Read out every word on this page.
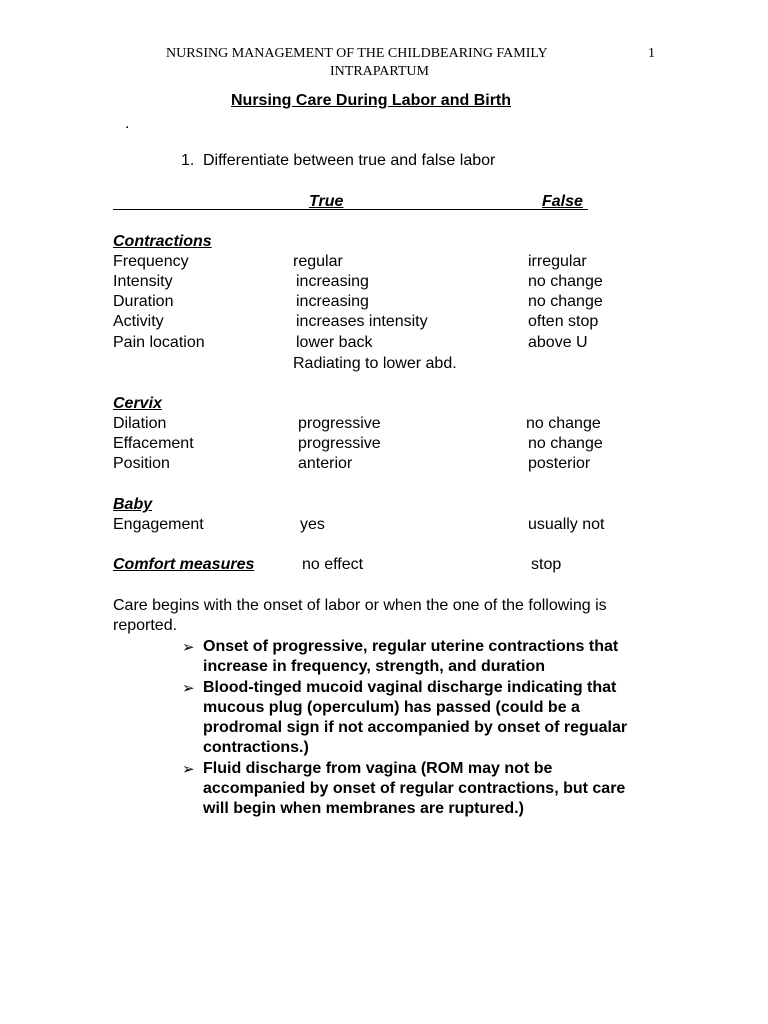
NURSING MANAGEMENT OF THE CHILDBEARING FAMILY	1
INTRAPARTUM
Nursing Care During Labor and Birth
.
1. Differentiate between true and false labor
True	False
Contractions
Frequency	regular	irregular
Intensity	increasing	no change
Duration	increasing	no change
Activity	increases intensity	often stop
Pain location	lower back	above U
Radiating to lower abd.
Cervix
Dilation	progressive	no change
Effacement	progressive	no change
Position	anterior	posterior
Baby
Engagement	yes	usually not
Comfort measures	no effect	stop
Care begins with the onset of labor or when the one of the following is reported.
➢ Onset of progressive, regular uterine contractions that increase in frequency, strength, and duration
➢ Blood-tinged mucoid vaginal discharge indicating that mucous plug (operculum) has passed (could be a prodromal sign if not accompanied by onset of regualar contractions.)
➢ Fluid discharge from vagina (ROM may not be accompanied by onset of regular contractions, but care will begin when membranes are ruptured.)
